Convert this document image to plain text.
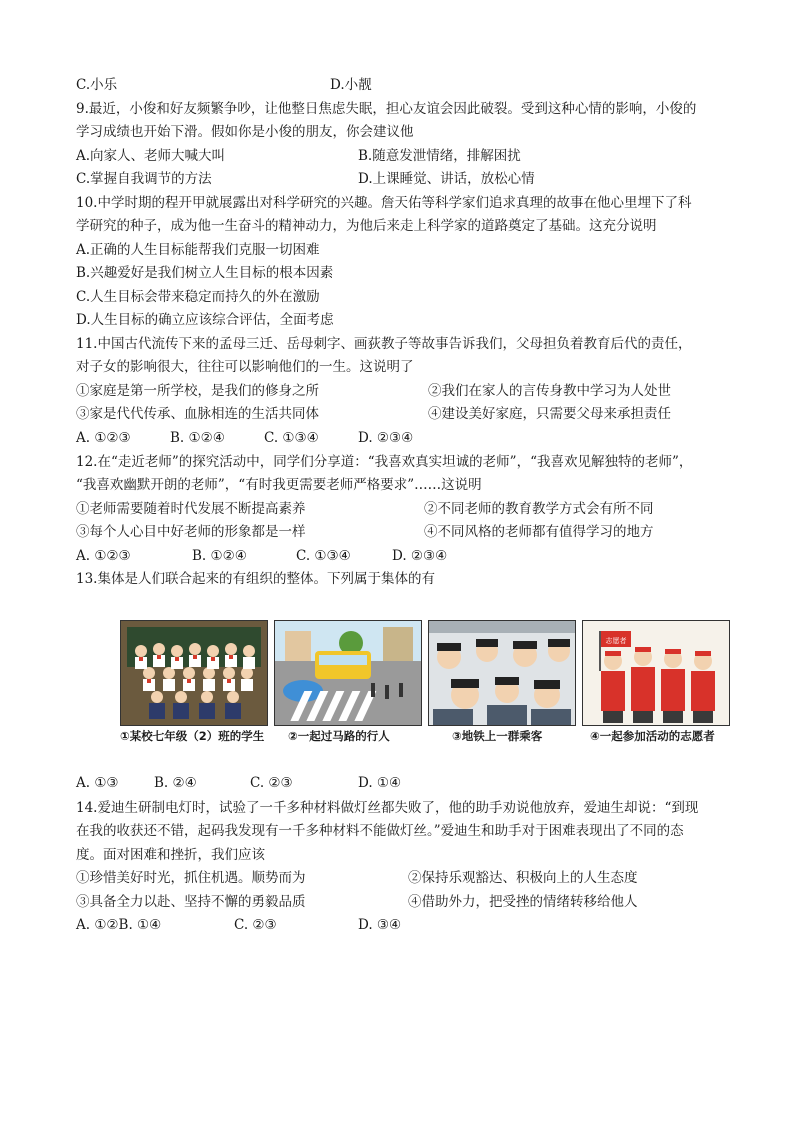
C.小乐	D.小靓
9.最近，小俊和好友频繁争吵，让他整日焦虑失眠，担心友谊会因此破裂。受到这种心情的影响，小俊的
学习成绩也开始下滑。假如你是小俊的朋友，你会建议他
A.向家人、老师大喊大叫	B.随意发泄情绪，排解困扰
C.掌握自我调节的方法	D.上课睡觉、讲话，放松心情
10.中学时期的程开甲就展露出对科学研究的兴趣。詹天佑等科学家们追求真理的故事在他心里埋下了科
学研究的种子，成为他一生奋斗的精神动力，为他后来走上科学家的道路奠定了基础。这充分说明
A.正确的人生目标能帮我们克服一切困难
B.兴趣爱好是我们树立人生目标的根本因素
C.人生目标会带来稳定而持久的外在激励
D.人生目标的确立应该综合评估，全面考虑
11.中国古代流传下来的孟母三迁、岳母刺字、画荻教子等故事告诉我们，父母担负着教育后代的责任，
对子女的影响很大，往往可以影响他们的一生。这说明了
①家庭是第一所学校，是我们的修身之所	②我们在家人的言传身教中学习为人处世
③家是代代传承、血脉相连的生活共同体	④建设美好家庭，只需要父母来承担责任
A. ①②③	B. ①②④	C. ①③④	D. ②③④
12.在“走近老师”的探究活动中，同学们分享道：“我喜欢真实坦诚的老师”，“我喜欢见解独特的老师”，
“我喜欢幽默开朗的老师”，“有时我更需要老师严格要求”……这说明
①老师需要随着时代发展不断提高素养	②不同老师的教育教学方式会有所不同
③每个人心目中好老师的形象都是一样	④不同风格的老师都有值得学习的地方
A. ①②③	B. ①②④	C. ①③④	D. ②③④
13.集体是人们联合起来的有组织的整体。下列属于集体的有
志愿者
①某校七年级（2）班的学生 ②一起过马路的行人	③地铁上一群乘客	④一起参加活动的志愿者
A. ①③	B. ②④	C. ②③	D. ①④
14.爱迪生研制电灯时，试验了一千多种材料做灯丝都失败了，他的助手劝说他放弃，爱迪生却说：“到现
在我的收获还不错，起码我发现有一千多种材料不能做灯丝。”爱迪生和助手对于困难表现出了不同的态
度。面对困难和挫折，我们应该
①珍惜美好时光，抓住机遇。顺势而为	②保持乐观豁达、积极向上的人生态度
③具备全力以赴、坚持不懈的勇毅品质	④借助外力，把受挫的情绪转移给他人
A. ①②B. ①④	C. ②③	D. ③④
